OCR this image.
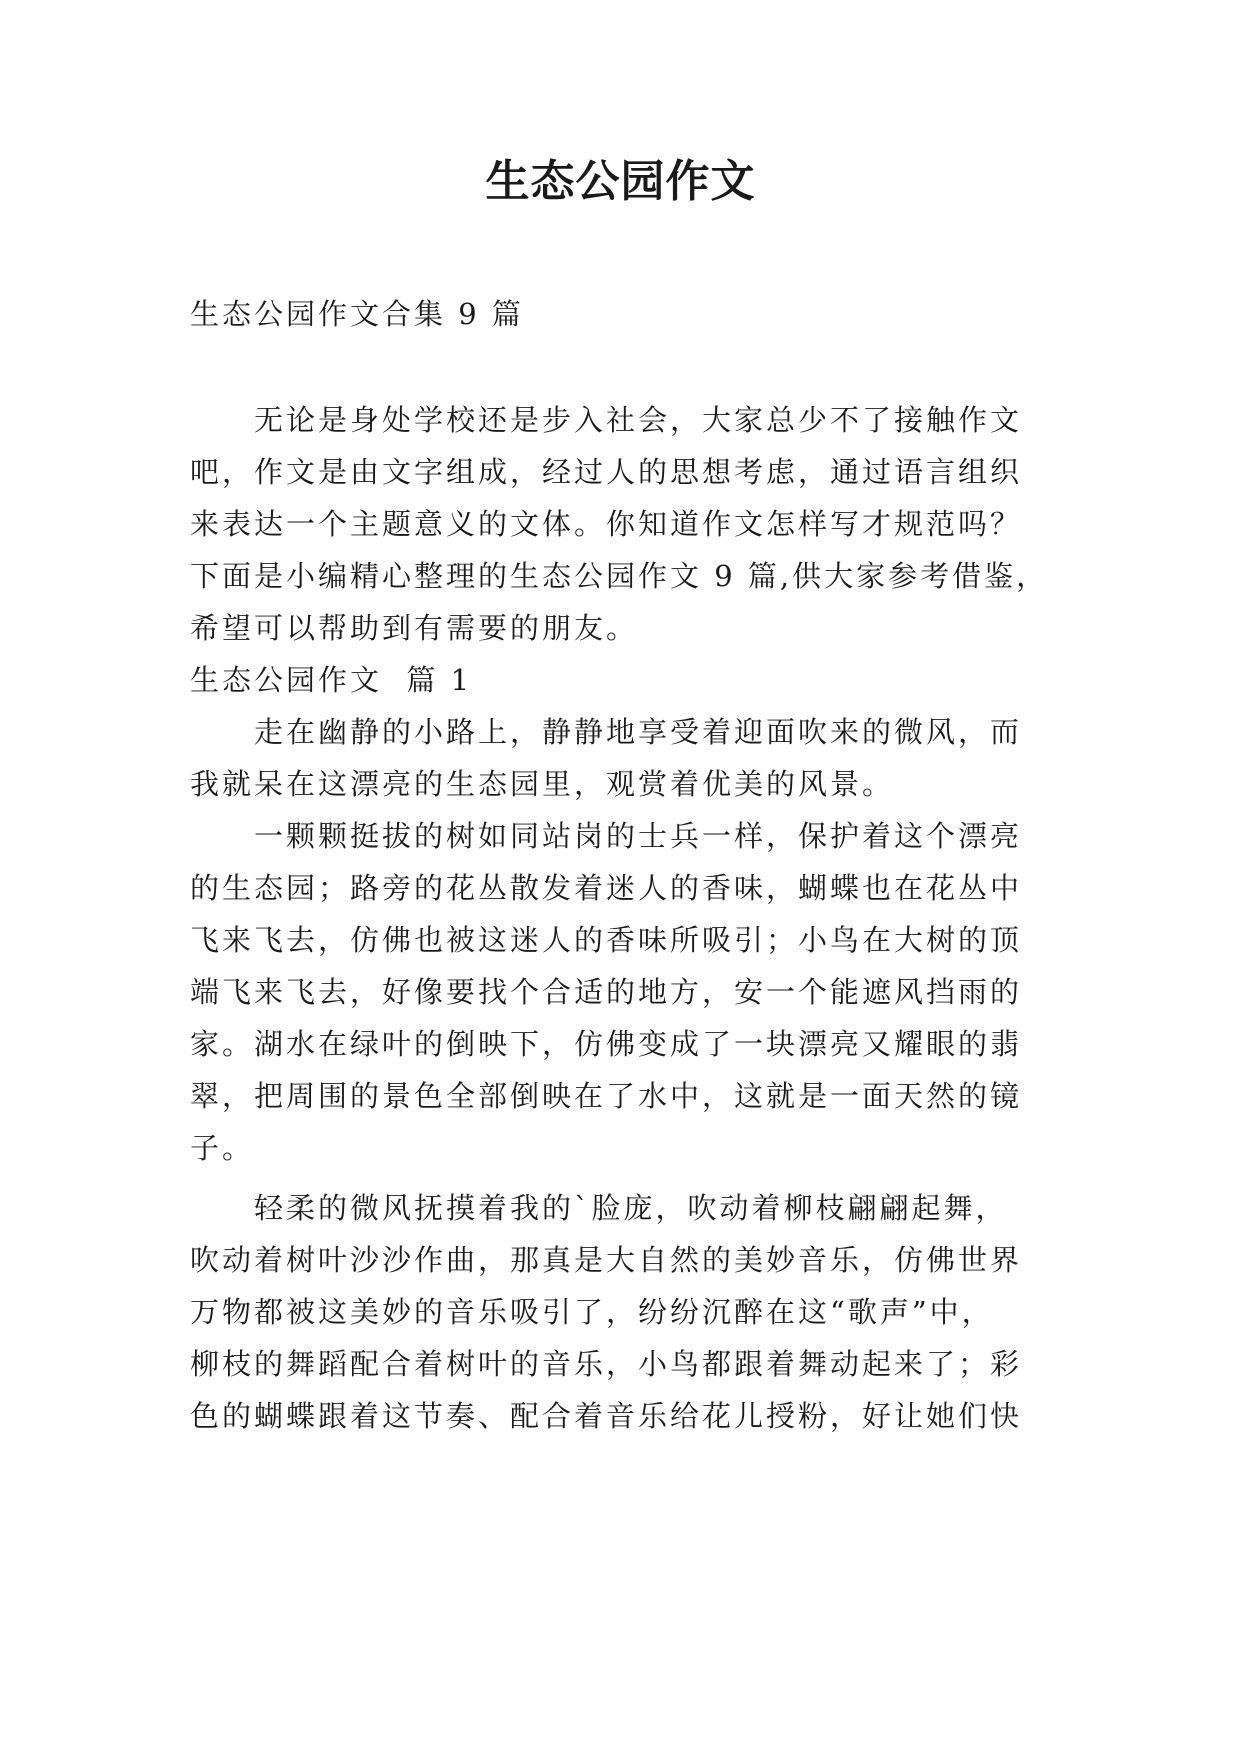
生态公园作文

生态公园作文合集 9 篇

无论是身处学校还是步入社会，大家总少不了接触作文

吧，作文是由文字组成，经过人的思想考虑，通过语言组织

来表达一个主题意义的文体。你知道作文怎样写才规范吗？

下面是小编精心整理的生态公园作文 9 篇,供大家参考借鉴，

希望可以帮助到有需要的朋友。

生态公园作文  篇 1

走在幽静的小路上，静静地享受着迎面吹来的微风，而

我就呆在这漂亮的生态园里，观赏着优美的风景。

一颗颗挺拔的树如同站岗的士兵一样，保护着这个漂亮

的生态园；路旁的花丛散发着迷人的香味，蝴蝶也在花丛中

飞来飞去，仿佛也被这迷人的香味所吸引；小鸟在大树的顶

端飞来飞去，好像要找个合适的地方，安一个能遮风挡雨的

家。湖水在绿叶的倒映下，仿佛变成了一块漂亮又耀眼的翡

翠，把周围的景色全部倒映在了水中，这就是一面天然的镜

子。

轻柔的微风抚摸着我的`脸庞，吹动着柳枝翩翩起舞，

吹动着树叶沙沙作曲，那真是大自然的美妙音乐，仿佛世界

万物都被这美妙的音乐吸引了，纷纷沉醉在这“歌声”中，

柳枝的舞蹈配合着树叶的音乐，小鸟都跟着舞动起来了；彩

色的蝴蝶跟着这节奏、配合着音乐给花儿授粉，好让她们快
